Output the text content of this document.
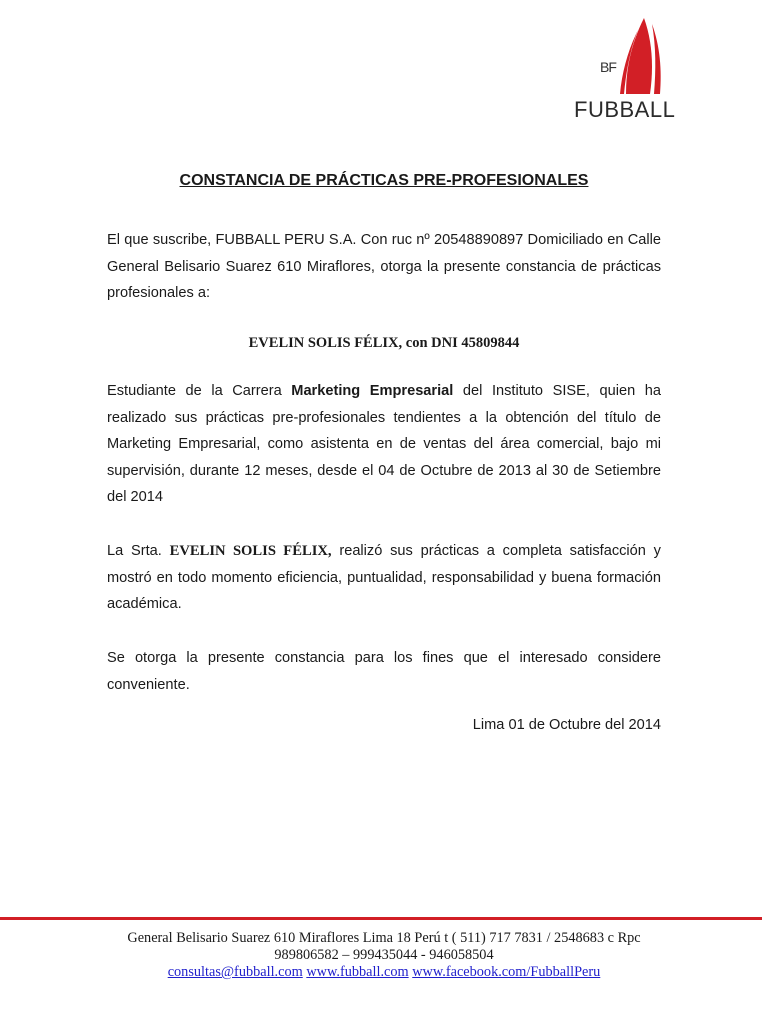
BF
FUBBALL
CONSTANCIA DE PRÁCTICAS PRE-PROFESIONALES

El que suscribe, FUBBALL PERU S.A. Con ruc nº 20548890897 Domiciliado en Calle General Belisario Suarez 610 Miraflores, otorga la presente constancia de prácticas profesionales a:

EVELIN SOLIS FÉLIX, con DNI 45809844

Estudiante de la Carrera Marketing Empresarial del Instituto SISE, quien ha realizado sus prácticas pre-profesionales tendientes a la obtención del título de Marketing Empresarial, como asistenta en de ventas del área comercial, bajo mi supervisión, durante 12 meses, desde el 04 de Octubre de 2013 al 30 de Setiembre del 2014

La Srta. EVELIN SOLIS FÉLIX, realizó sus prácticas a completa satisfacción y mostró en todo momento eficiencia, puntualidad, responsabilidad y buena formación académica.

Se otorga la presente constancia para los fines que el interesado considere conveniente.

Lima 01 de Octubre del 2014

General Belisario Suarez 610 Miraflores Lima 18 Perú t ( 511) 717 7831 / 2548683 c Rpc
989806582 – 999435044 - 946058504
consultas@fubball.com www.fubball.com www.facebook.com/FubballPeru
